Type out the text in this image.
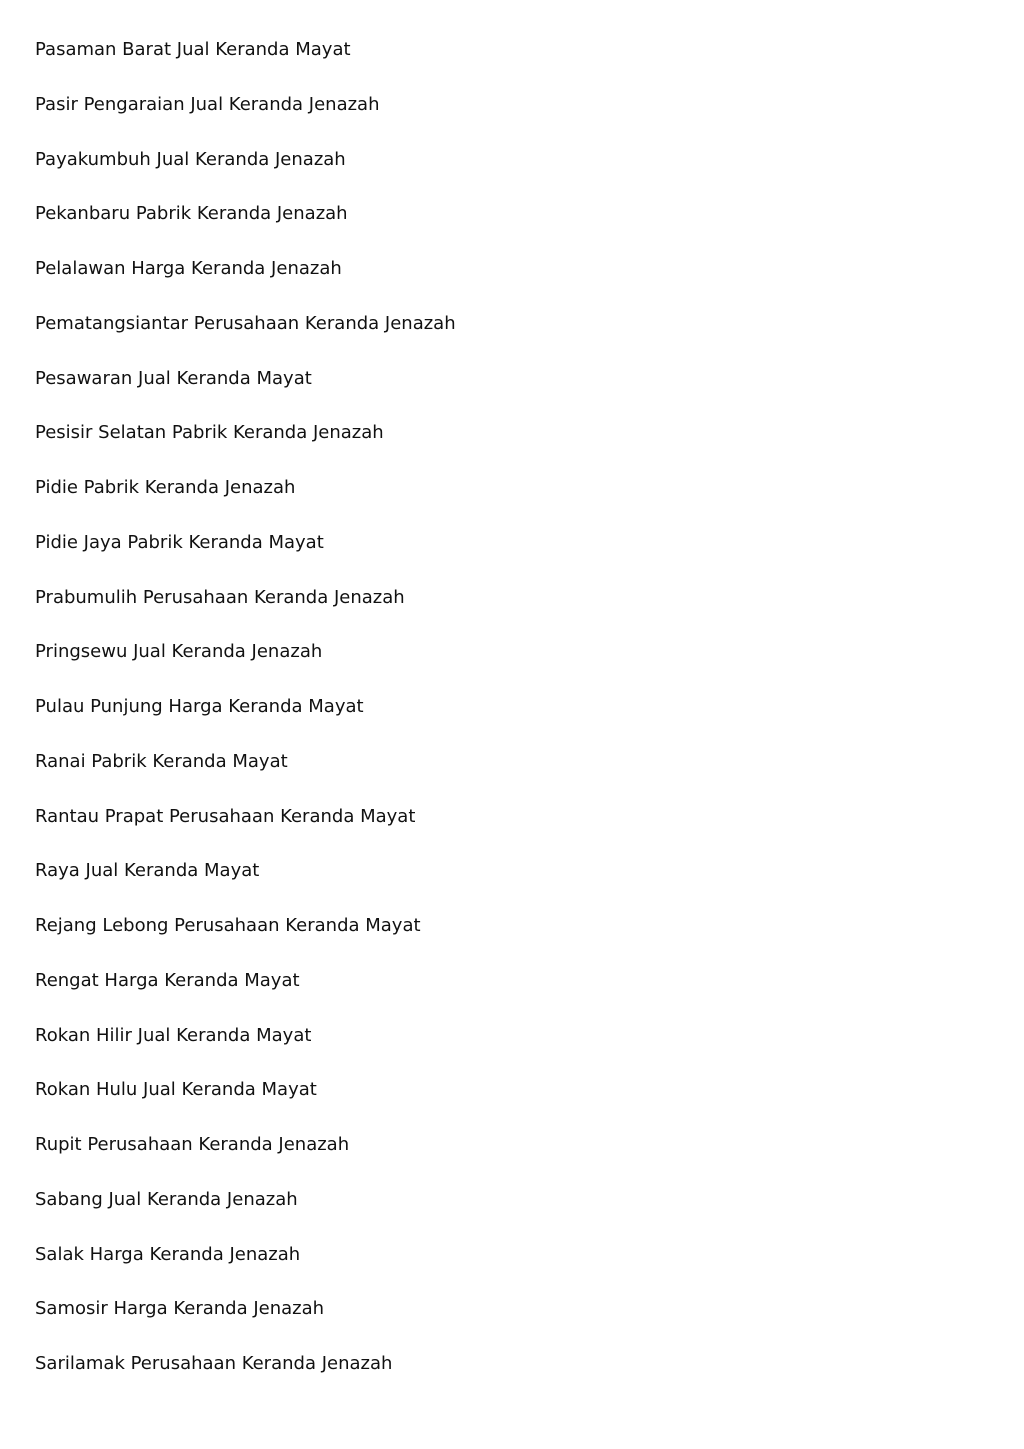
Pasaman Barat Jual Keranda Mayat
Pasir Pengaraian Jual Keranda Jenazah
Payakumbuh Jual Keranda Jenazah
Pekanbaru Pabrik Keranda Jenazah
Pelalawan Harga Keranda Jenazah
Pematangsiantar Perusahaan Keranda Jenazah
Pesawaran Jual Keranda Mayat
Pesisir Selatan Pabrik Keranda Jenazah
Pidie Pabrik Keranda Jenazah
Pidie Jaya Pabrik Keranda Mayat
Prabumulih Perusahaan Keranda Jenazah
Pringsewu Jual Keranda Jenazah
Pulau Punjung Harga Keranda Mayat
Ranai Pabrik Keranda Mayat
Rantau Prapat Perusahaan Keranda Mayat
Raya Jual Keranda Mayat
Rejang Lebong Perusahaan Keranda Mayat
Rengat Harga Keranda Mayat
Rokan Hilir Jual Keranda Mayat
Rokan Hulu Jual Keranda Mayat
Rupit Perusahaan Keranda Jenazah
Sabang Jual Keranda Jenazah
Salak Harga Keranda Jenazah
Samosir Harga Keranda Jenazah
Sarilamak Perusahaan Keranda Jenazah
